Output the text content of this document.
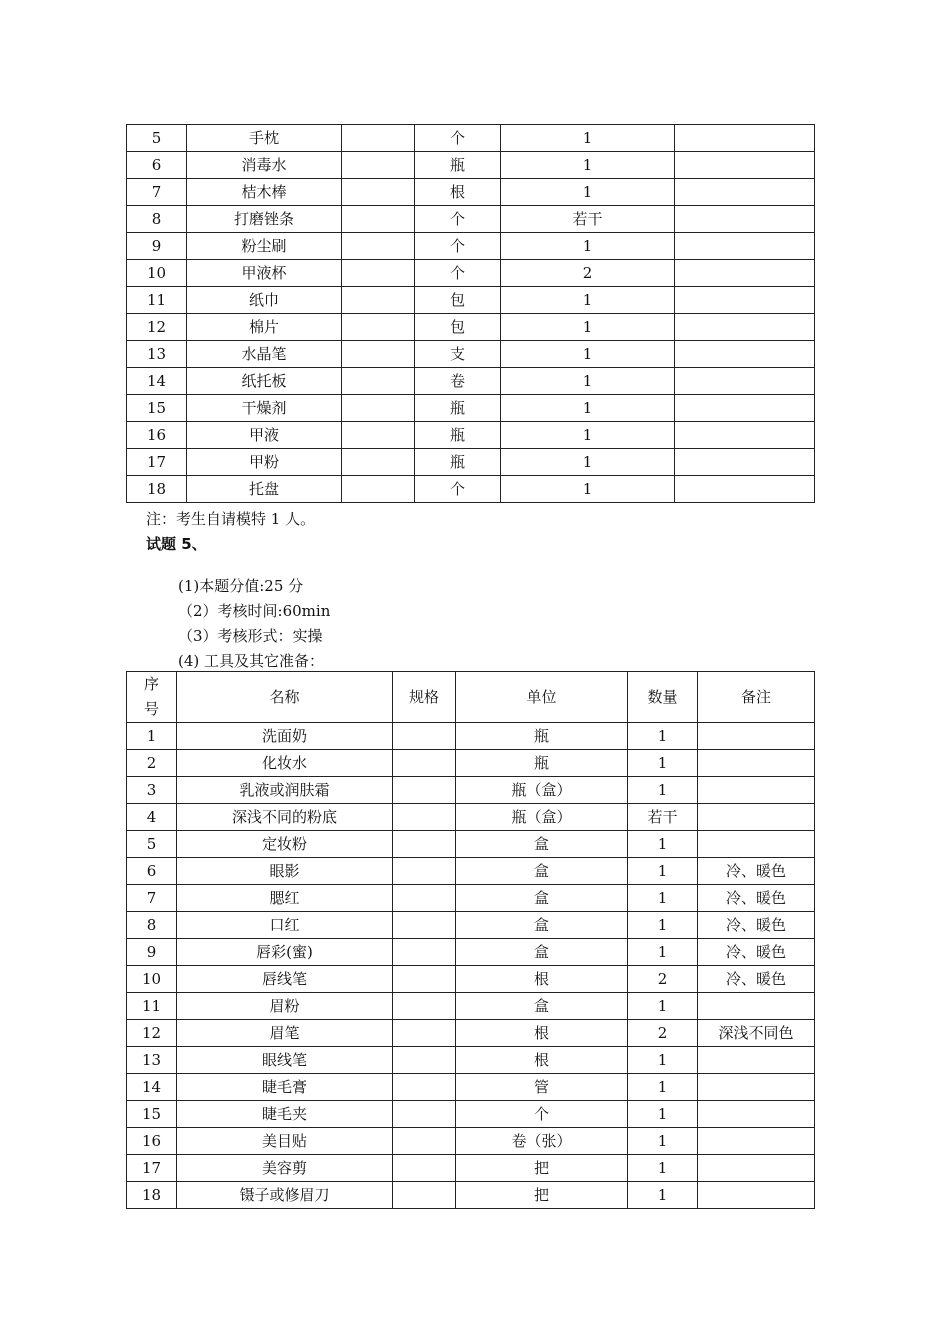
5	手枕		个	1	
6	消毒水		瓶	1	
7	桔木棒		根	1	
8	打磨锉条		个	若干	
9	粉尘刷		个	1	
10	甲液杯		个	2	
11	纸巾		包	1	
12	棉片		包	1	
13	水晶笔		支	1	
14	纸托板		卷	1	
15	干燥剂		瓶	1	
16	甲液		瓶	1	
17	甲粉		瓶	1	
18	托盘		个	1	
注：考生自请模特 1 人。
试题 5、
(1)本题分值:25 分
（2）考核时间:60min
（3）考核形式：实操
(4) 工具及其它准备：
序
号	名称	规格	单位	数量	备注
1	洗面奶		瓶	1	
2	化妆水		瓶	1	
3	乳液或润肤霜		瓶（盒）	1	
4	深浅不同的粉底		瓶（盒）	若干	
5	定妆粉		盒	1	
6	眼影		盒	1	冷、暖色
7	腮红		盒	1	冷、暖色
8	口红		盒	1	冷、暖色
9	唇彩(蜜)		盒	1	冷、暖色
10	唇线笔		根	2	冷、暖色
11	眉粉		盒	1	
12	眉笔		根	2	深浅不同色
13	眼线笔		根	1	
14	睫毛膏		管	1	
15	睫毛夹		个	1	
16	美目贴		卷（张）	1	
17	美容剪		把	1	
18	镊子或修眉刀		把	1	
